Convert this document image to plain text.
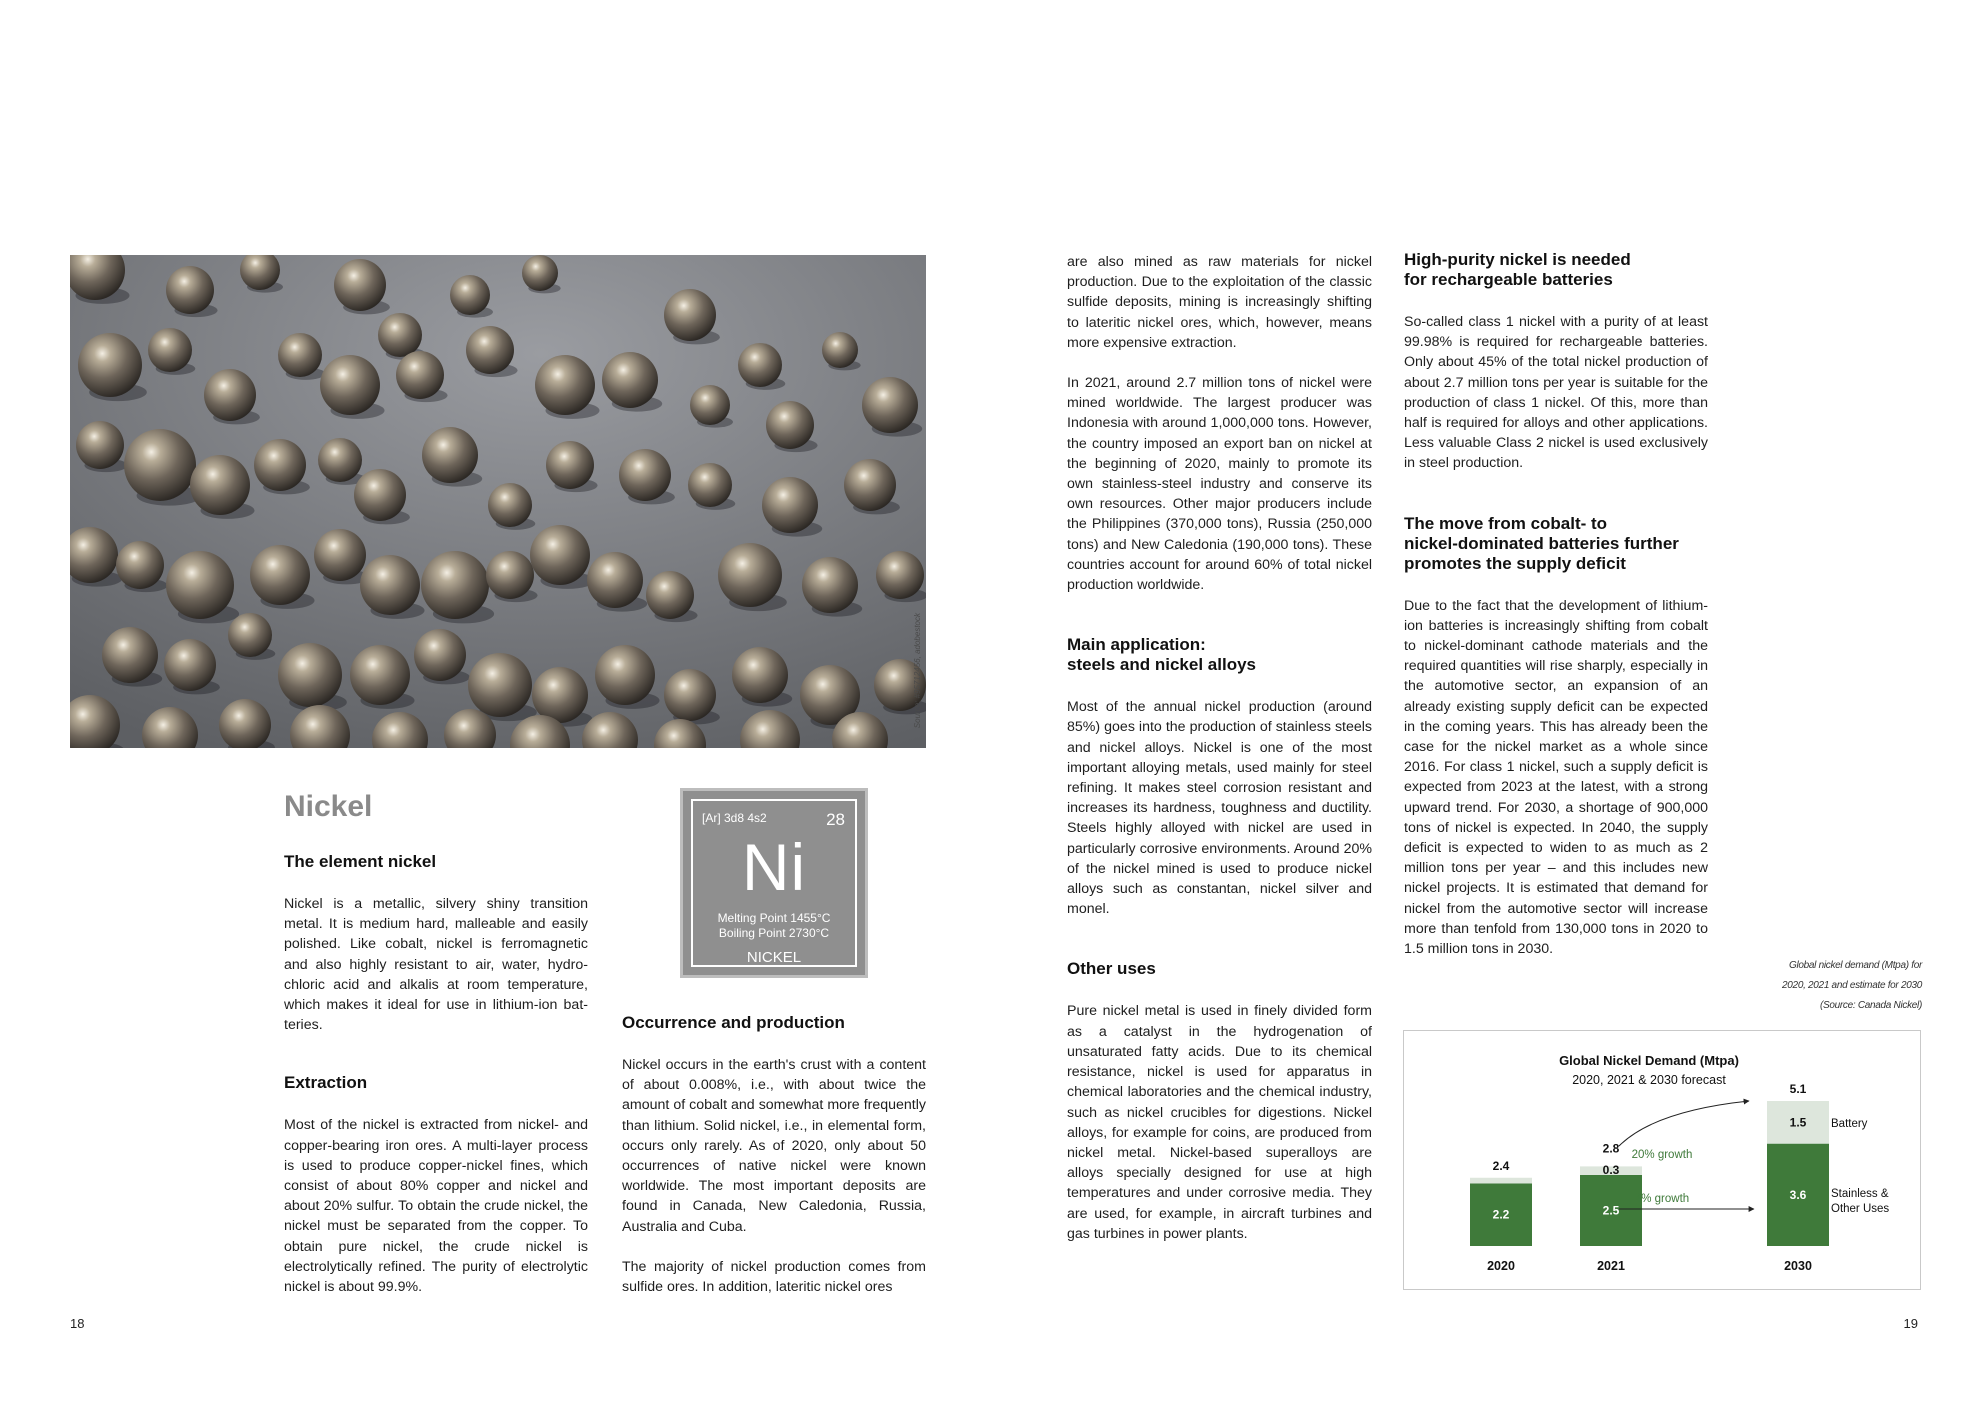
Source: #95712456, adobestock
Nickel	[Ar] 3d8 4s2	28
Ni
Melting Point 1455°C
Boiling Point 2730°C
NICKEL
The element nickel

Nickel is a metallic, silvery shiny transition metal. It is medium hard, malleable and easily polished. Like cobalt, nickel is ferromagnetic and also highly resistant to air, water, hydrochloric acid and alkalis at room temperature, which makes it ideal for use in lithium-ion batteries.

Extraction

Most of the nickel is extracted from nickel- and copper-bearing iron ores. A multi-layer process is used to produce copper-nickel fines, which consist of about 80% copper and nickel and about 20% sulfur. To obtain the crude nickel, the nickel must be separated from the copper. To obtain pure nickel, the crude nickel is electrolytically refined. The purity of electrolytic nickel is about 99.9%.

Occurrence and production

Nickel occurs in the earth's crust with a content of about 0.008%, i.e., with about twice the amount of cobalt and somewhat more frequently than lithium. Solid nickel, i.e., in elemental form, occurs only rarely. As of 2020, only about 50 occurrences of native nickel were known worldwide. The most important deposits are found in Canada, New Caledonia, Russia, Australia and Cuba.

The majority of nickel production comes from sulfide ores. In addition, lateritic nickel ores

are also mined as raw materials for nickel production. Due to the exploitation of the classic sulfide deposits, mining is increasingly shifting to lateritic nickel ores, which, however, means more expensive extraction.

In 2021, around 2.7 million tons of nickel were mined worldwide. The largest producer was Indonesia with around 1,000,000 tons. However, the country imposed an export ban on nickel at the beginning of 2020, mainly to promote its own stainless-steel industry and conserve its own resources. Other major producers include the Philippines (370,000 tons), Russia (250,000 tons) and New Caledonia (190,000 tons). These countries account for around 60% of total nickel production worldwide.

Main application:
steels and nickel alloys

Most of the annual nickel production (around 85%) goes into the production of stainless steels and nickel alloys. Nickel is one of the most important alloying metals, used mainly for steel refining. It makes steel corrosion resistant and increases its hardness, toughness and ductility. Steels highly alloyed with nickel are used in particularly corrosive environments. Around 20% of the nickel mined is used to produce nickel alloys such as constantan, nickel silver and monel.

Other uses

Pure nickel metal is used in finely divided form as a catalyst in the hydrogenation of unsaturated fatty acids. Due to its chemical resistance, nickel is used for apparatus in chemical laboratories and the chemical industry, such as nickel crucibles for digestions. Nickel alloys, for example for coins, are produced from nickel metal. Nickel-based superalloys are alloys specially designed for use at high temperatures and under corrosive media. They are used, for example, in aircraft turbines and gas turbines in power plants.

High-purity nickel is needed
for rechargeable batteries

So-called class 1 nickel with a purity of at least 99.98% is required for rechargeable batteries. Only about 45% of the total nickel production of about 2.7 million tons per year is suitable for the production of class 1 nickel. Of this, more than half is required for alloys and other applications. Less valuable Class 2 nickel is used exclusively in steel production.

The move from cobalt- to
nickel-dominated batteries further
promotes the supply deficit

Due to the fact that the development of lithium-ion batteries is increasingly shifting from cobalt to nickel-dominant cathode materials and the required quantities will rise sharply, especially in the automotive sector, an expansion of an already existing supply deficit can be expected in the coming years. This has already been the case for the nickel market as a whole since 2016. For class 1 nickel, such a supply deficit is expected from 2023 at the latest, with a strong upward trend. For 2030, a shortage of 900,000 tons of nickel is expected. In 2040, the supply deficit is expected to widen to as much as 2 million tons per year – and this includes new nickel projects. It is estimated that demand for nickel from the automotive sector will increase more than tenfold from 130,000 tons in 2020 to 1.5 million tons in 2030.

Global nickel demand (Mtpa) for
2020, 2021 and estimate for 2030
(Source: Canada Nickel)
Global Nickel Demand (Mtpa)
2020, 2021 & 2030 forecast
2.2
2.4
2020
2.5
0.3
2.8
2021
3.6
1.5
5.1
2030
20% growth
4% growth
Battery
Stainless &
Other Uses
18	19
